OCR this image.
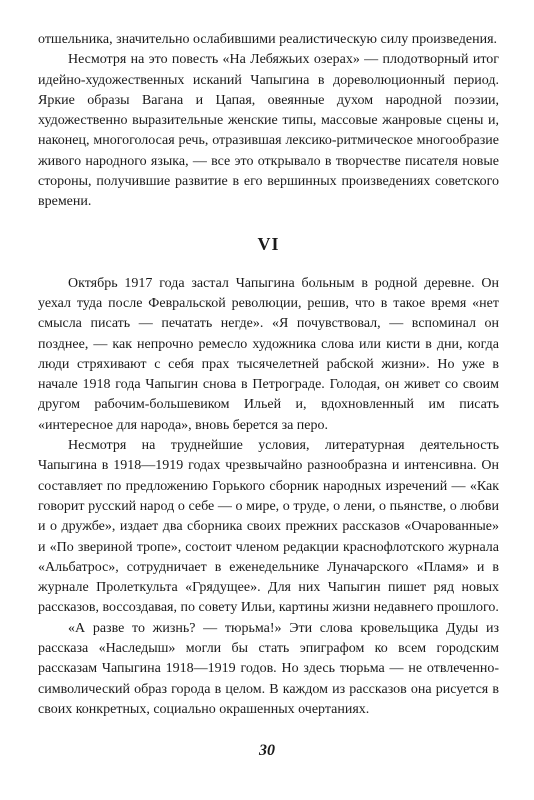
отшельника, значительно ослабившими реалистическую силу произведения.

Несмотря на это повесть «На Лебяжьих озерах» — плодотворный итог идейно-художественных исканий Чапыгина в дореволюционный период. Яркие образы Вагана и Цапая, овеянные духом народной поэзии, художественно выразительные женские типы, массовые жанровые сцены и, наконец, многоголосая речь, отразившая лексико-ритмическое многообразие живого народного языка, — все это открывало в творчестве писателя новые стороны, получившие развитие в его вершинных произведениях советского времени.

VI

Октябрь 1917 года застал Чапыгина больным в родной деревне. Он уехал туда после Февральской революции, решив, что в такое время «нет смысла писать — печатать негде». «Я почувствовал, — вспоминал он позднее, — как непрочно ремесло художника слова или кисти в дни, когда люди стряхивают с себя прах тысячелетней рабской жизни». Но уже в начале 1918 года Чапыгин снова в Петрограде. Голодая, он живет со своим другом рабочим-большевиком Ильей и, вдохновленный им писать «интересное для народа», вновь берется за перо.

Несмотря на труднейшие условия, литературная деятельность Чапыгина в 1918—1919 годах чрезвычайно разнообразна и интенсивна. Он составляет по предложению Горького сборник народных изречений — «Как говорит русский народ о себе — о мире, о труде, о лени, о пьянстве, о любви и о дружбе», издает два сборника своих прежних рассказов «Очарованные» и «По звериной тропе», состоит членом редакции краснофлотского журнала «Альбатрос», сотрудничает в еженедельнике Луначарского «Пламя» и в журнале Пролеткульта «Грядущее». Для них Чапыгин пишет ряд новых рассказов, воссоздавая, по совету Ильи, картины жизни недавнего прошлого.

«А разве то жизнь? — тюрьма!» Эти слова кровельщика Дуды из рассказа «Наследыш» могли бы стать эпиграфом ко всем городским рассказам Чапыгина 1918—1919 годов. Но здесь тюрьма — не отвлеченно-символический образ города в целом. В каждом из рассказов она рисуется в своих конкретных, социально окрашенных очертаниях.

30
